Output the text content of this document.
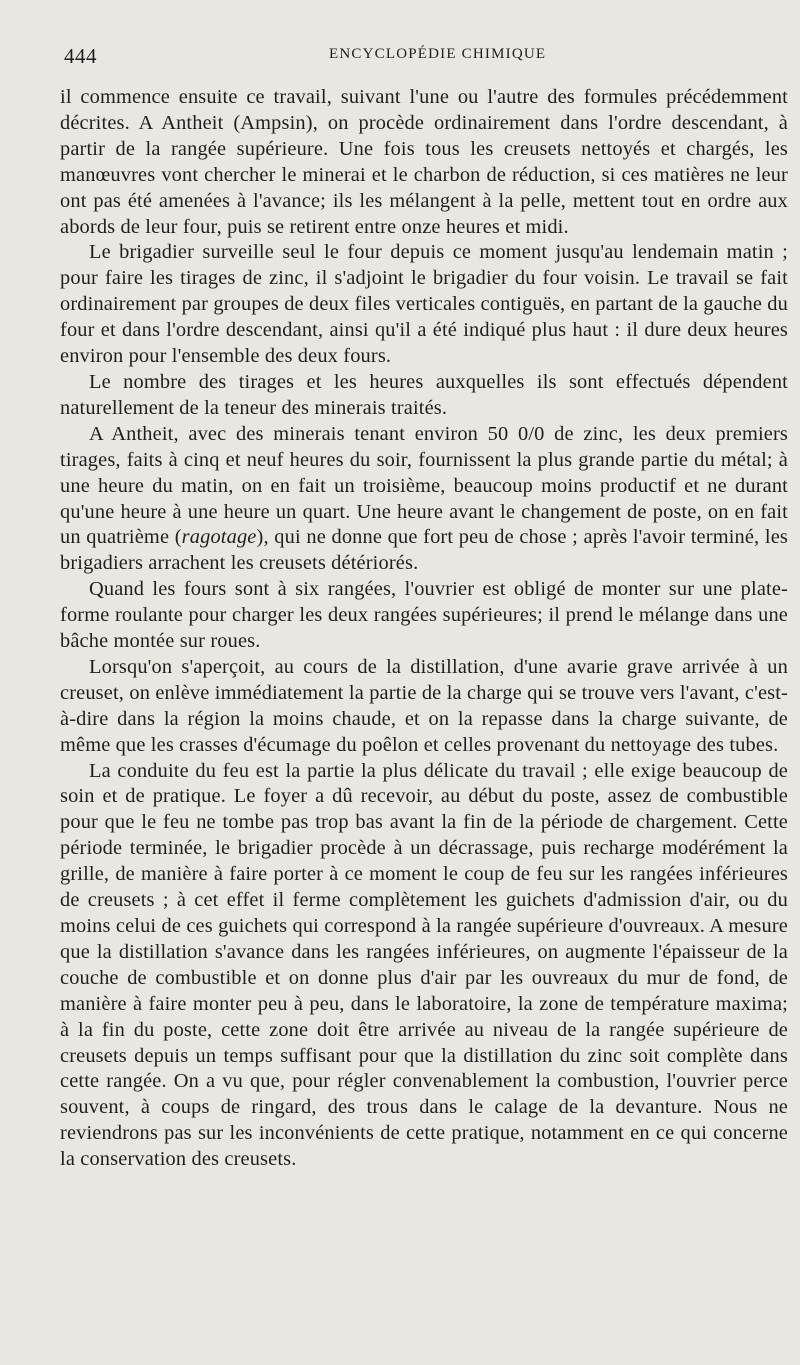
444	ENCYCLOPÉDIE CHIMIQUE

il commence ensuite ce travail, suivant l'une ou l'autre des formules précédemment décrites. A Antheit (Ampsin), on procède ordinairement dans l'ordre descendant, à partir de la rangée supérieure. Une fois tous les creusets nettoyés et chargés, les manœuvres vont chercher le minerai et le charbon de réduction, si ces matières ne leur ont pas été amenées à l'avance; ils les mélangent à la pelle, mettent tout en ordre aux abords de leur four, puis se retirent entre onze heures et midi.

Le brigadier surveille seul le four depuis ce moment jusqu'au lendemain matin ; pour faire les tirages de zinc, il s'adjoint le brigadier du four voisin. Le travail se fait ordinairement par groupes de deux files verticales contiguës, en partant de la gauche du four et dans l'ordre descendant, ainsi qu'il a été indiqué plus haut : il dure deux heures environ pour l'ensemble des deux fours.

Le nombre des tirages et les heures auxquelles ils sont effectués dépendent naturellement de la teneur des minerais traités.

A Antheit, avec des minerais tenant environ 50 0/0 de zinc, les deux premiers tirages, faits à cinq et neuf heures du soir, fournissent la plus grande partie du métal; à une heure du matin, on en fait un troisième, beaucoup moins productif et ne durant qu'une heure à une heure un quart. Une heure avant le changement de poste, on en fait un quatrième (ragotage), qui ne donne que fort peu de chose ; après l'avoir terminé, les brigadiers arrachent les creusets détériorés.

Quand les fours sont à six rangées, l'ouvrier est obligé de monter sur une plate-forme roulante pour charger les deux rangées supérieures; il prend le mélange dans une bâche montée sur roues.

Lorsqu'on s'aperçoit, au cours de la distillation, d'une avarie grave arrivée à un creuset, on enlève immédiatement la partie de la charge qui se trouve vers l'avant, c'est-à-dire dans la région la moins chaude, et on la repasse dans la charge suivante, de même que les crasses d'écumage du poêlon et celles provenant du nettoyage des tubes.

La conduite du feu est la partie la plus délicate du travail ; elle exige beaucoup de soin et de pratique. Le foyer a dû recevoir, au début du poste, assez de combustible pour que le feu ne tombe pas trop bas avant la fin de la période de chargement. Cette période terminée, le brigadier procède à un décrassage, puis recharge modérément la grille, de manière à faire porter à ce moment le coup de feu sur les rangées inférieures de creusets ; à cet effet il ferme complètement les guichets d'admission d'air, ou du moins celui de ces guichets qui correspond à la rangée supérieure d'ouvreaux. A mesure que la distillation s'avance dans les rangées inférieures, on augmente l'épaisseur de la couche de combustible et on donne plus d'air par les ouvreaux du mur de fond, de manière à faire monter peu à peu, dans le laboratoire, la zone de température maxima; à la fin du poste, cette zone doit être arrivée au niveau de la rangée supérieure de creusets depuis un temps suffisant pour que la distillation du zinc soit complète dans cette rangée. On a vu que, pour régler convenablement la combustion, l'ouvrier perce souvent, à coups de ringard, des trous dans le calage de la devanture. Nous ne reviendrons pas sur les inconvénients de cette pratique, notamment en ce qui concerne la conservation des creusets.
